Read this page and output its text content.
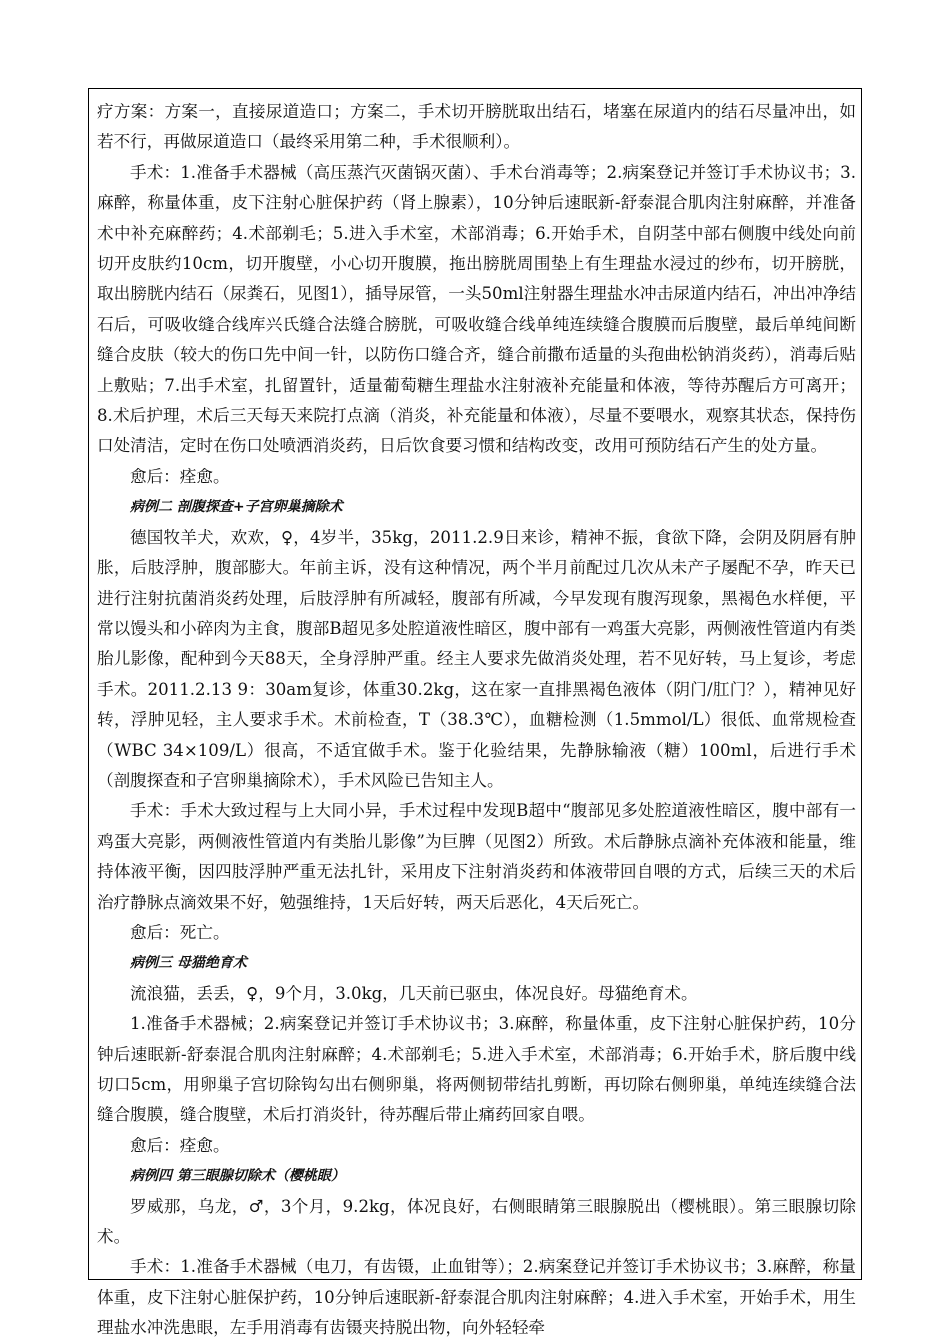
疗方案：方案一，直接尿道造口；方案二，手术切开膀胱取出结石，堵塞在尿道内的结石尽量冲出，如若不行，再做尿道造口（最终采用第二种，手术很顺利）。

手术：1.准备手术器械（高压蒸汽灭菌锅灭菌）、手术台消毒等；2.病案登记并签订手术协议书；3.麻醉，称量体重，皮下注射心脏保护药（肾上腺素），10分钟后速眠新-舒泰混合肌肉注射麻醉，并准备术中补充麻醉药；4.术部剃毛；5.进入手术室，术部消毒；6.开始手术，自阴茎中部右侧腹中线处向前切开皮肤约10cm，切开腹壁，小心切开腹膜，拖出膀胱周围垫上有生理盐水浸过的纱布，切开膀胱，取出膀胱内结石（尿粪石，见图1），插导尿管，一头50ml注射器生理盐水冲击尿道内结石，冲出冲净结石后，可吸收缝合线库兴氏缝合法缝合膀胱，可吸收缝合线单纯连续缝合腹膜而后腹壁，最后单纯间断缝合皮肤（较大的伤口先中间一针，以防伤口缝合齐，缝合前撒布适量的头孢曲松钠消炎药），消毒后贴上敷贴；7.出手术室，扎留置针，适量葡萄糖生理盐水注射液补充能量和体液，等待苏醒后方可离开；8.术后护理，术后三天每天来院打点滴（消炎，补充能量和体液），尽量不要喂水，观察其状态，保持伤口处清洁，定时在伤口处喷洒消炎药，日后饮食要习惯和结构改变，改用可预防结石产生的处方量。

愈后：痊愈。

病例二 剖腹探查+子宫卵巢摘除术

德国牧羊犬，欢欢，♀，4岁半，35kg，2011.2.9日来诊，精神不振，食欲下降，会阴及阴唇有肿胀，后肢浮肿，腹部膨大。年前主诉，没有这种情况，两个半月前配过几次从未产子屡配不孕，昨天已进行注射抗菌消炎药处理，后肢浮肿有所减轻，腹部有所减，今早发现有腹泻现象，黑褐色水样便，平常以馒头和小碎肉为主食，腹部B超见多处腔道液性暗区，腹中部有一鸡蛋大亮影，两侧液性管道内有类胎儿影像，配种到今天88天，全身浮肿严重。经主人要求先做消炎处理，若不见好转，马上复诊，考虑手术。2011.2.13 9：30am复诊，体重30.2kg，这在家一直排黑褐色液体（阴门/肛门？），精神见好转，浮肿见轻，主人要求手术。术前检查，T（38.3℃），血糖检测（1.5mmol/L）很低、血常规检查（WBC 34×109/L）很高，不适宜做手术。鉴于化验结果，先静脉输液（糖）100ml，后进行手术（剖腹探查和子宫卵巢摘除术），手术风险已告知主人。

手术：手术大致过程与上大同小异，手术过程中发现B超中“腹部见多处腔道液性暗区，腹中部有一鸡蛋大亮影，两侧液性管道内有类胎儿影像”为巨脾（见图2）所致。术后静脉点滴补充体液和能量，维持体液平衡，因四肢浮肿严重无法扎针，采用皮下注射消炎药和体液带回自喂的方式，后续三天的术后治疗静脉点滴效果不好，勉强维持，1天后好转，两天后恶化，4天后死亡。

愈后：死亡。

病例三 母猫绝育术

流浪猫，丢丢，♀，9个月，3.0kg，几天前已驱虫，体况良好。母猫绝育术。

1.准备手术器械；2.病案登记并签订手术协议书；3.麻醉，称量体重，皮下注射心脏保护药，10分钟后速眠新-舒泰混合肌肉注射麻醉；4.术部剃毛；5.进入手术室，术部消毒；6.开始手术，脐后腹中线切口5cm，用卵巢子宫切除钩勾出右侧卵巢，将两侧韧带结扎剪断，再切除右侧卵巢，单纯连续缝合法缝合腹膜，缝合腹壁，术后打消炎针，待苏醒后带止痛药回家自喂。

愈后：痊愈。

病例四 第三眼腺切除术（樱桃眼）

罗威那，乌龙，♂，3个月，9.2kg，体况良好，右侧眼睛第三眼腺脱出（樱桃眼）。第三眼腺切除术。

手术：1.准备手术器械（电刀，有齿镊，止血钳等）；2.病案登记并签订手术协议书；3.麻醉，称量体重，皮下注射心脏保护药，10分钟后速眠新-舒泰混合肌肉注射麻醉；4.进入手术室，开始手术，用生理盐水冲洗患眼，左手用消毒有齿镊夹持脱出物，向外轻轻牵
